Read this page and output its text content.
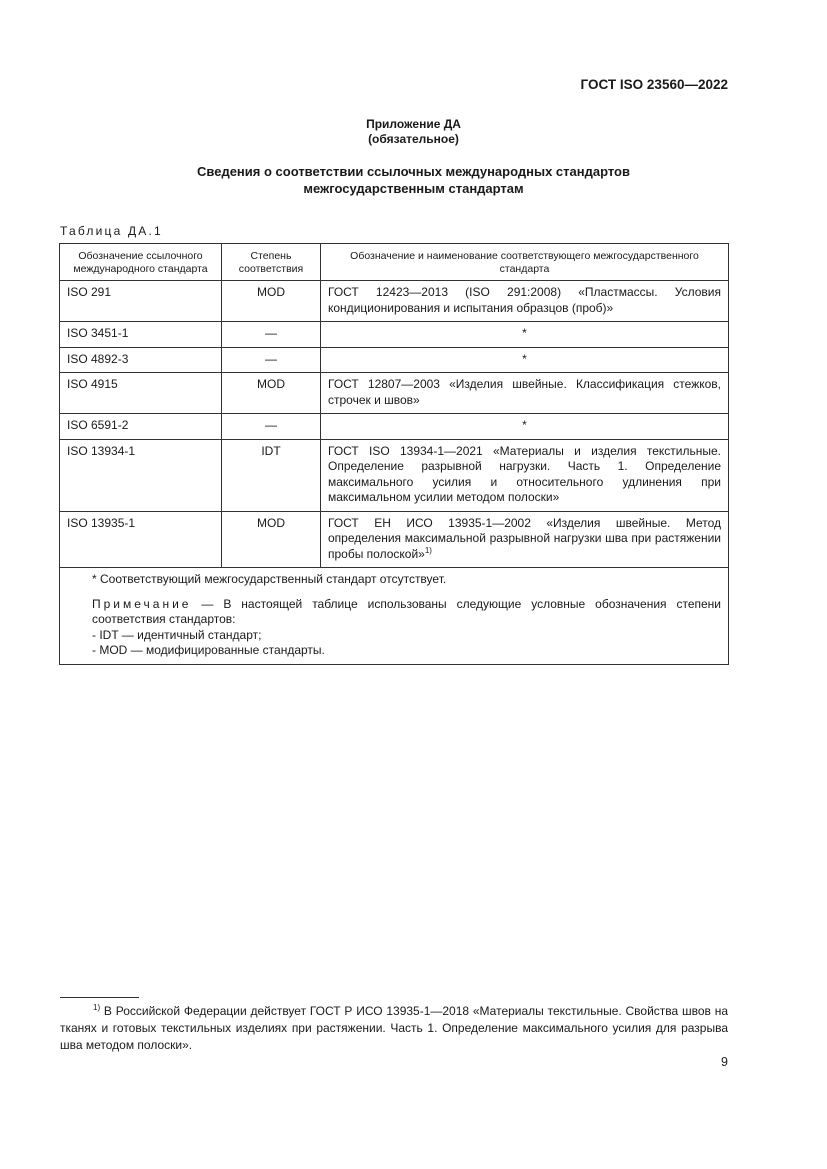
ГОСТ ISO 23560—2022
Приложение ДА
(обязательное)
Сведения о соответствии ссылочных международных стандартов
межгосударственным стандартам
Таблица ДА.1
Обозначение ссылочного международного стандарта	Степень соответствия	Обозначение и наименование соответствующего межгосударственного стандарта
ISO 291	MOD	ГОСТ 12423—2013 (ISO 291:2008) «Пластмассы. Условия кондиционирования и испытания образцов (проб)»
ISO 3451-1	—	*
ISO 4892-3	—	*
ISO 4915	MOD	ГОСТ 12807—2003 «Изделия швейные. Классификация стежков, строчек и швов»
ISO 6591-2	—	*
ISO 13934-1	IDT	ГОСТ ISO 13934-1—2021 «Материалы и изделия текстильные. Определение разрывной нагрузки. Часть 1. Определение максимального усилия и относительного удлинения при максимальном усилии методом полоски»
ISO 13935-1	MOD	ГОСТ ЕН ИСО 13935-1—2002 «Изделия швейные. Метод определения максимальной разрывной нагрузки шва при растяжении пробы полоской»$^{1)}$

* Соответствующий межгосударственный стандарт отсутствует.
Примечание — В настоящей таблице использованы следующие условные обозначения степени соответствия стандартов:
- IDT — идентичный стандарт;
- MOD — модифицированные стандарты.		
$^{1)}$ В Российской Федерации действует ГОСТ Р ИСО 13935-1—2018 «Материалы текстильные. Свойства швов на тканях и готовых текстильных изделиях при растяжении. Часть 1. Определение максимального усилия для разрыва шва методом полоски».
9
